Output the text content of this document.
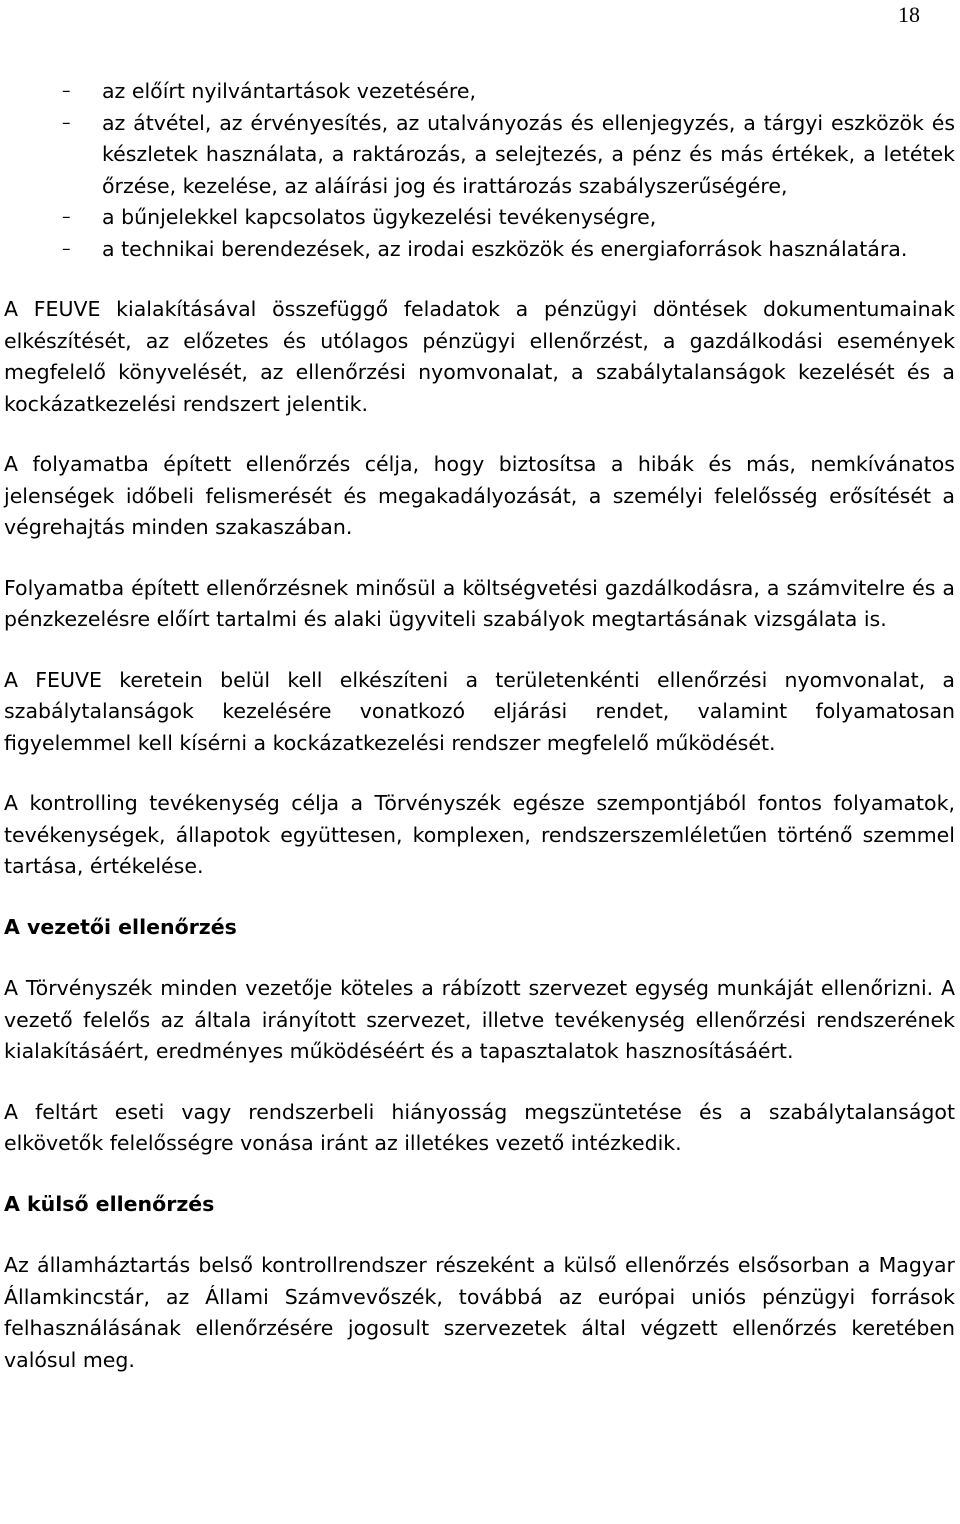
18
– az előírt nyilvántartások vezetésére,
– az átvétel, az érvényesítés, az utalványozás és ellenjegyzés, a tárgyi eszközök és készletek használata, a raktározás, a selejtezés, a pénz és más értékek, a letétek őrzése, kezelése, az aláírási jog és irattározás szabályszerűségére,
– a bűnjelekkel kapcsolatos ügykezelési tevékenységre,
– a technikai berendezések, az irodai eszközök és energiaforrások használatára.

A FEUVE kialakításával összefüggő feladatok a pénzügyi döntések dokumentumainak elkészítését, az előzetes és utólagos pénzügyi ellenőrzést, a gazdálkodási események megfelelő könyvelését, az ellenőrzési nyomvonalat, a szabálytalanságok kezelését és a kockázatkezelési rendszert jelentik.

A folyamatba épített ellenőrzés célja, hogy biztosítsa a hibák és más, nemkívánatos jelenségek időbeli felismerését és megakadályozását, a személyi felelősség erősítését a végrehajtás minden szakaszában.

Folyamatba épített ellenőrzésnek minősül a költségvetési gazdálkodásra, a számvitelre és a pénzkezelésre előírt tartalmi és alaki ügyviteli szabályok megtartásának vizsgálata is.

A FEUVE keretein belül kell elkészíteni a területenkénti ellenőrzési nyomvonalat, a szabálytalanságok kezelésére vonatkozó eljárási rendet, valamint folyamatosan figyelemmel kell kísérni a kockázatkezelési rendszer megfelelő működését.

A kontrolling tevékenység célja a Törvényszék egésze szempontjából fontos folyamatok, tevékenységek, állapotok együttesen, komplexen, rendszerszemléletűen történő szemmel tartása, értékelése.

A vezetői ellenőrzés

A Törvényszék minden vezetője köteles a rábízott szervezet egység munkáját ellenőrizni. A vezető felelős az általa irányított szervezet, illetve tevékenység ellenőrzési rendszerének kialakításáért, eredményes működéséért és a tapasztalatok hasznosításáért.

A feltárt eseti vagy rendszerbeli hiányosság megszüntetése és a szabálytalanságot elkövetők felelősségre vonása iránt az illetékes vezető intézkedik.

A külső ellenőrzés

Az államháztartás belső kontrollrendszer részeként a külső ellenőrzés elsősorban a Magyar Államkincstár, az Állami Számvevőszék, továbbá az európai uniós pénzügyi források felhasználásának ellenőrzésére jogosult szervezetek által végzett ellenőrzés keretében valósul meg.
